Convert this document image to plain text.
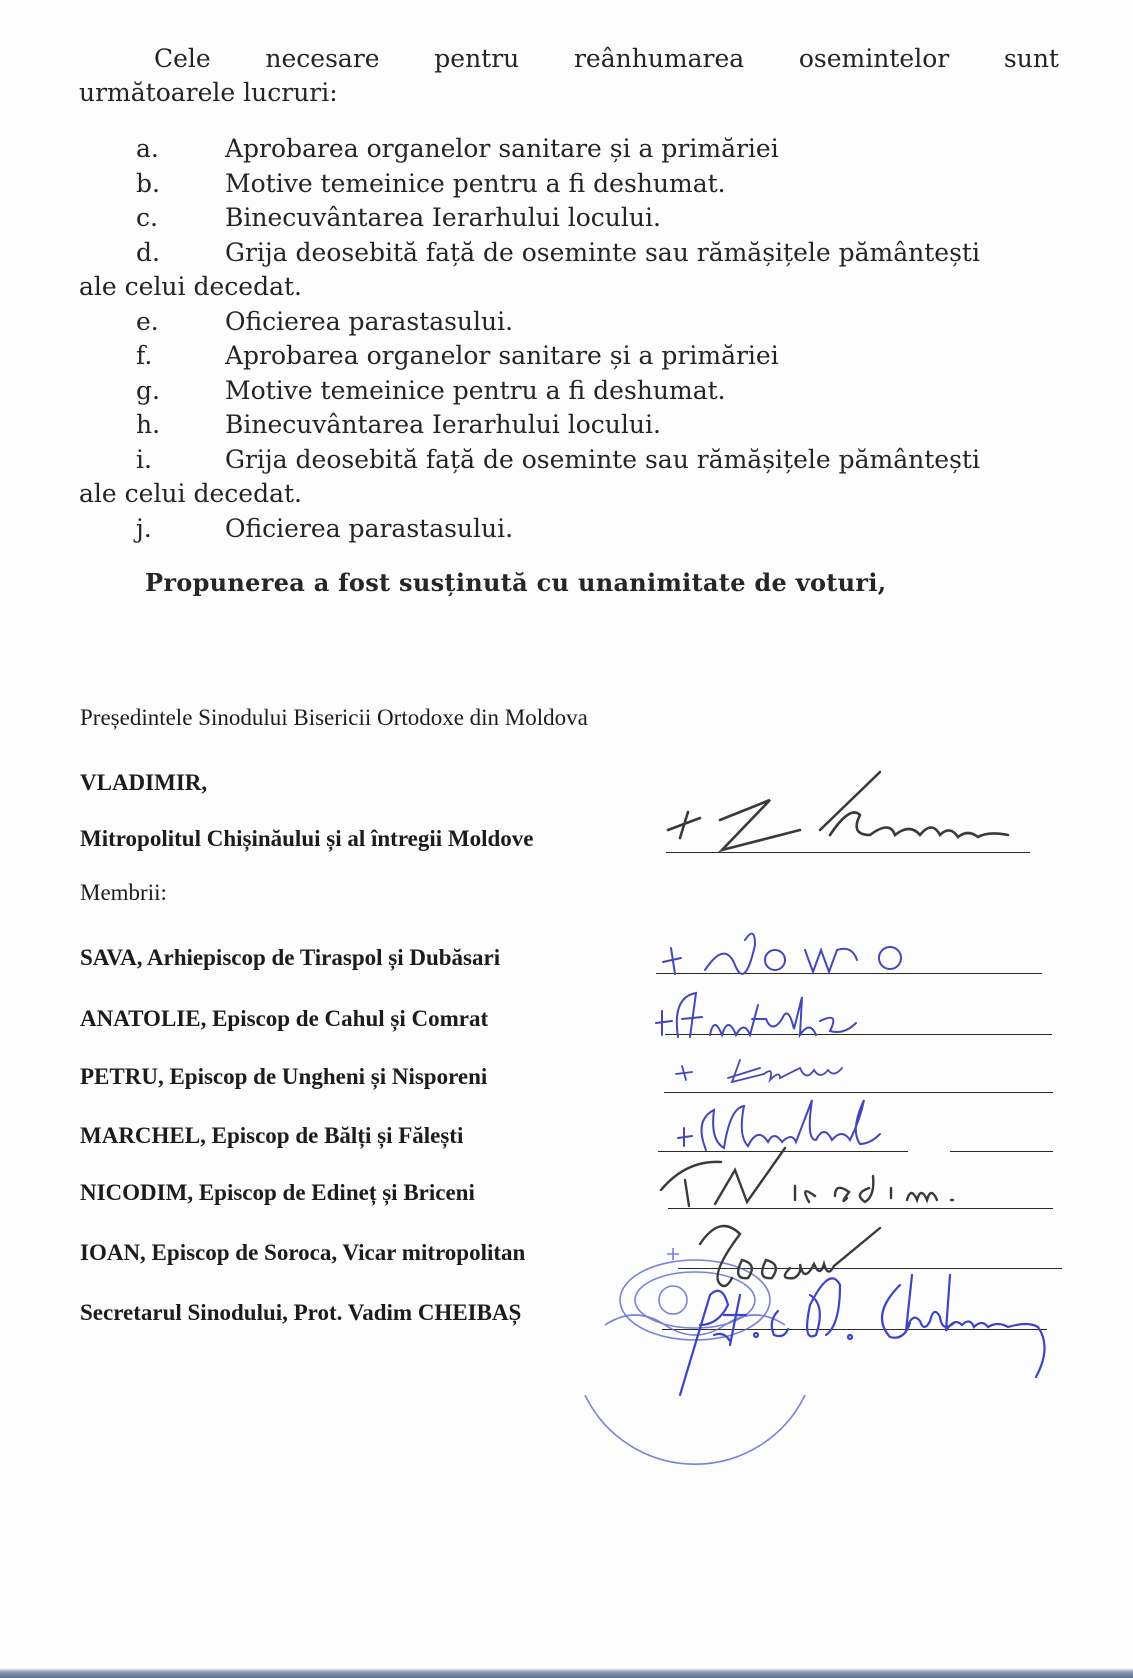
Cele necesare pentru reânhumarea osemintelor sunt
următoarele lucruri:
a.	Aprobarea organelor sanitare și a primăriei
b.	Motive temeinice pentru a fi deshumat.
c.	Binecuvântarea Ierarhului locului.
d.	Grija deosebită față de oseminte sau rămășițele pământești
ale celui decedat.
e.	Oficierea parastasului.
f.	Aprobarea organelor sanitare și a primăriei
g.	Motive temeinice pentru a fi deshumat.
h.	Binecuvântarea Ierarhului locului.
i.	Grija deosebită față de oseminte sau rămășițele pământești
ale celui decedat.
j.	Oficierea parastasului.
Propunerea a fost susținută cu unanimitate de voturi,
Președintele Sinodului Bisericii Ortodoxe din Moldova
VLADIMIR,
Mitropolitul Chișinăului și al întregii Moldove
Membrii:
SAVA, Arhiepiscop de Tiraspol și Dubăsari
ANATOLIE, Episcop de Cahul și Comrat
PETRU, Episcop de Ungheni și Nisporeni
MARCHEL, Episcop de Bălți și Fălești
NICODIM, Episcop de Edineț și Briceni
IOAN, Episcop de Soroca, Vicar mitropolitan
Secretarul Sinodului, Prot. Vadim CHEIBAȘ
MITROPOLIA CHIȘINĂULUI ȘI A ÎNTREGII MOLDOVE	SINODUL
BISERICII ORTODOXE
DIN MOLDOVA
